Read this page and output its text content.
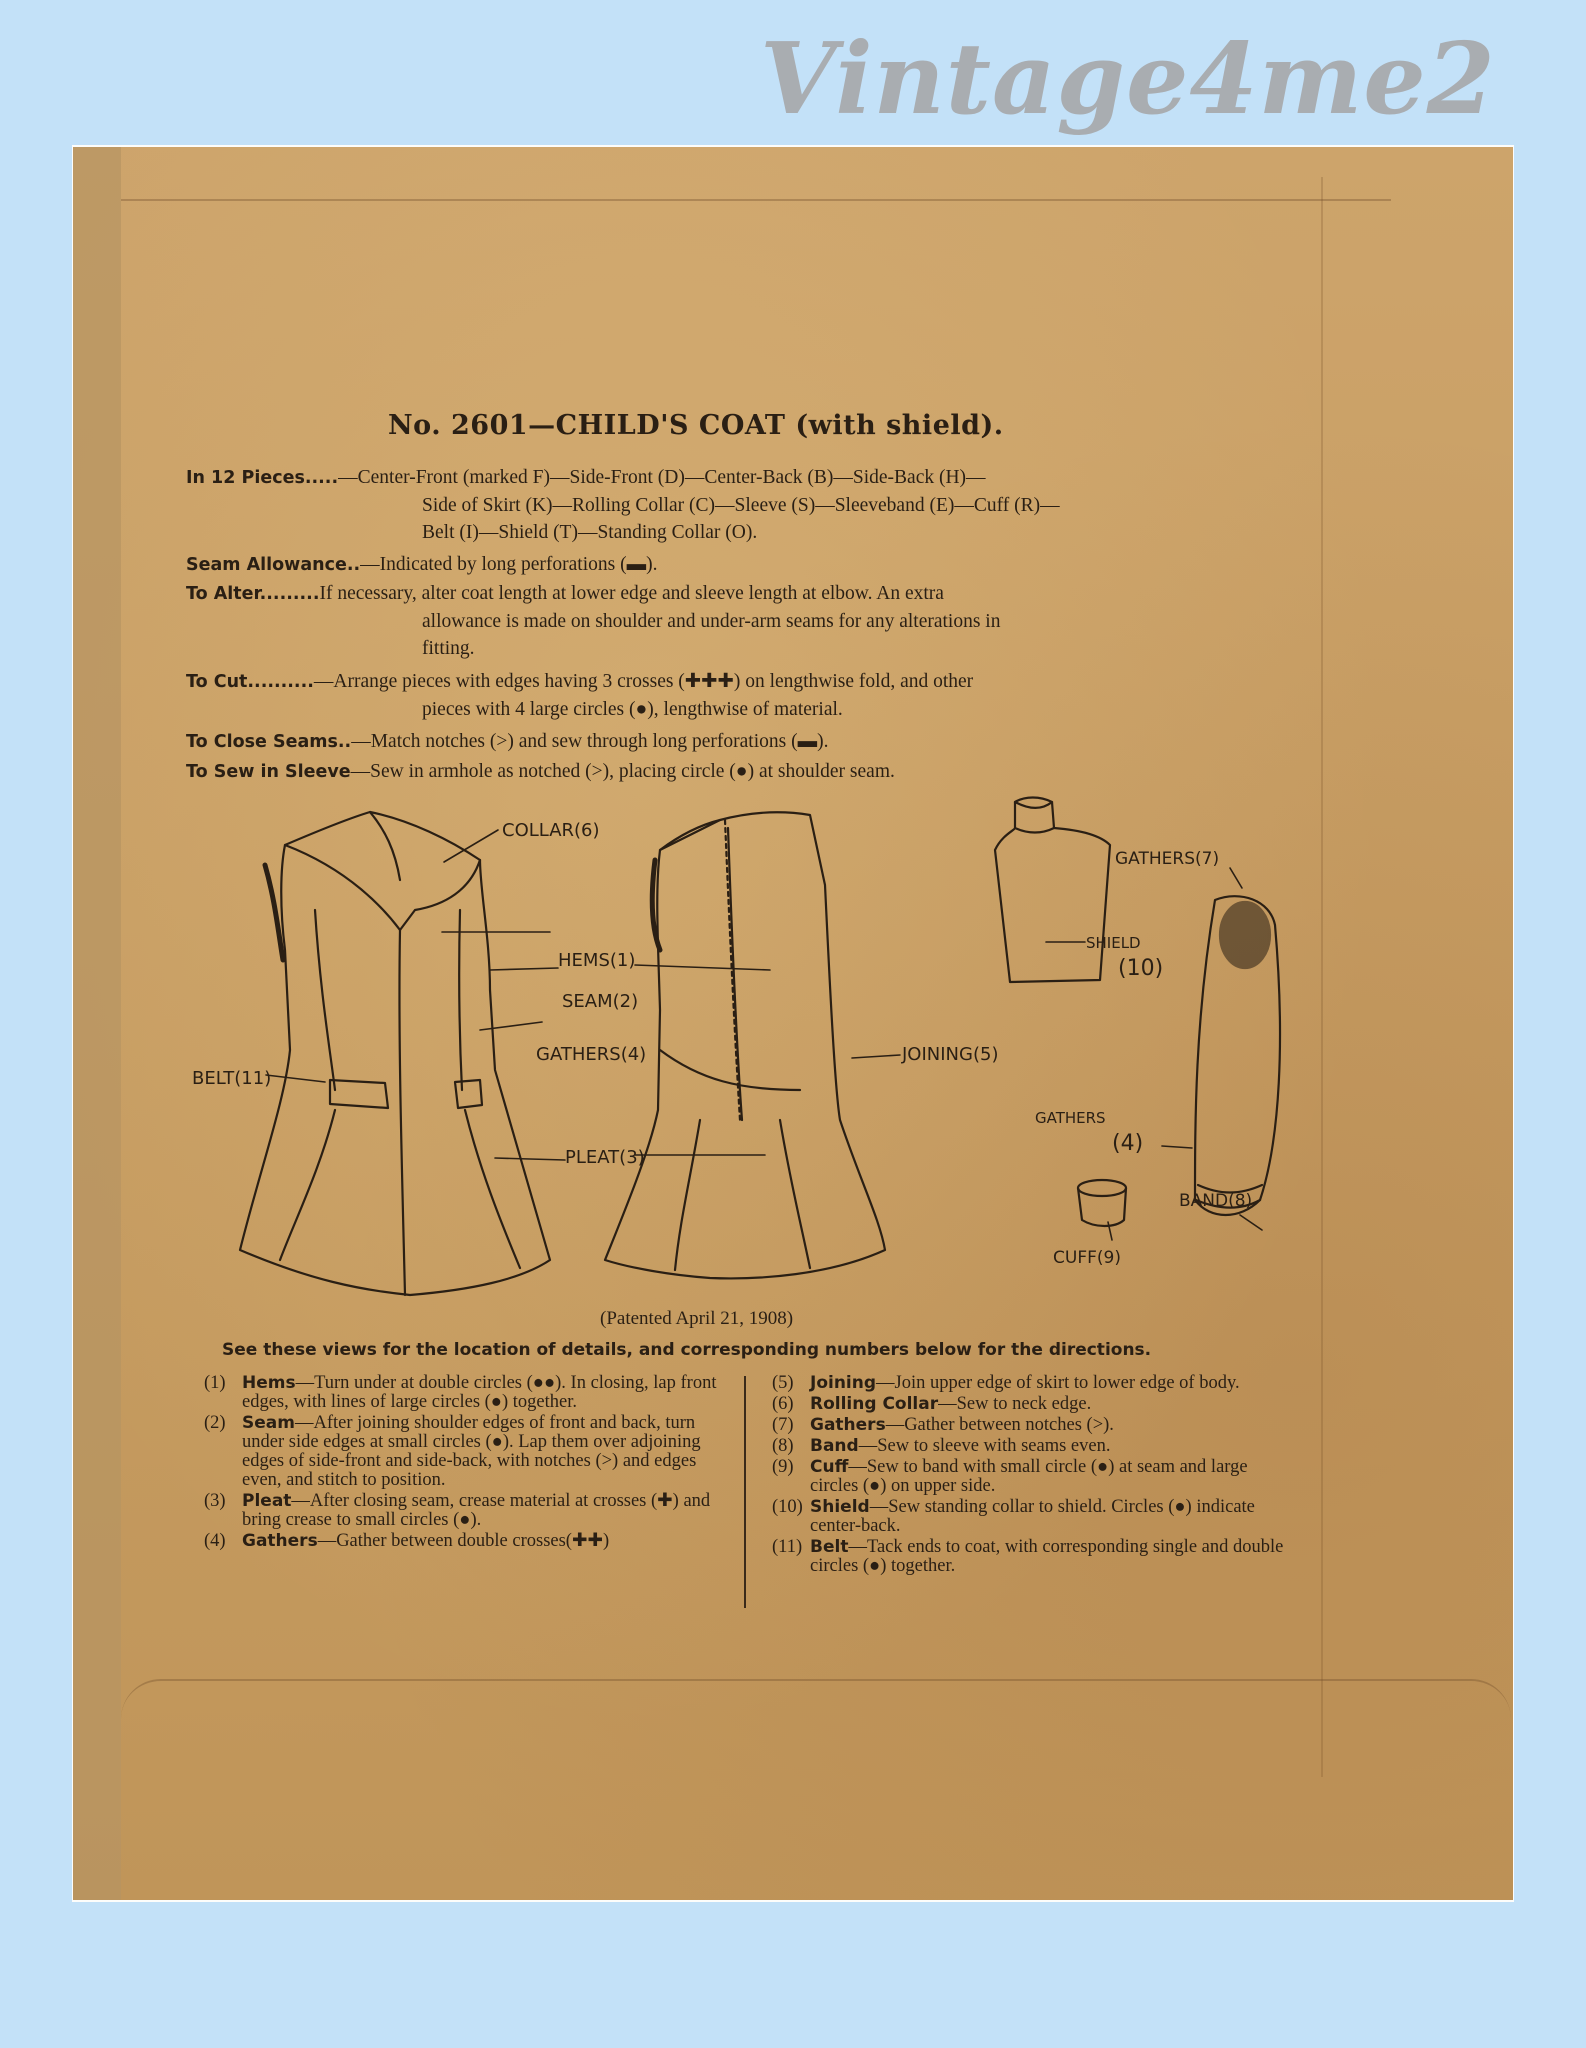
Vintage4me2
No. 2601—CHILD'S COAT (with shield).
In 12 Pieces.....—Center-Front (marked F)—Side-Front (D)—Center-Back (B)—Side-Back (H)—
Side of Skirt (K)—Rolling Collar (C)—Sleeve (S)—Sleeveband (E)—Cuff (R)—
Belt (I)—Shield (T)—Standing Collar (O).
Seam Allowance..—Indicated by long perforations (▬).
To Alter.........If necessary, alter coat length at lower edge and sleeve length at elbow. An extra
allowance is made on shoulder and under-arm seams for any alterations in
fitting.
To Cut..........—Arrange pieces with edges having 3 crosses (✚✚✚) on lengthwise fold, and other
pieces with 4 large circles (●), lengthwise of material.
To Close Seams..—Match notches (>) and sew through long perforations (▬).
To Sew in Sleeve—Sew in armhole as notched (>), placing circle (●) at shoulder seam.
COLLAR(6)
HEMS(1)
SEAM(2)
GATHERS(4)
BELT(11)
PLEAT(3)
JOINING(5)
GATHERS(7)
SHIELD
(10)
GATHERS
(4)
BAND(8)
CUFF(9)
(Patented April 21, 1908)
See these views for the location of details, and corresponding numbers below for the directions.

(1) Hems—Turn under at double circles (●●). In closing, lap front edges, with lines of large circles (●) together.

(2) Seam—After joining shoulder edges of front and back, turn under side edges at small circles (●). Lap them over adjoining edges of side-front and side-back, with notches (>) and edges even, and stitch to position.

(3) Pleat—After closing seam, crease material at crosses (✚) and bring crease to small circles (●).

(4) Gathers—Gather between double crosses(✚✚)

(5) Joining—Join upper edge of skirt to lower edge of body.

(6) Rolling Collar—Sew to neck edge.

(7) Gathers—Gather between notches (>).

(8) Band—Sew to sleeve with seams even.

(9) Cuff—Sew to band with small circle (●) at seam and large circles (●) on upper side.

(10) Shield—Sew standing collar to shield. Circles (●) indicate center-back.

(11) Belt—Tack ends to coat, with corresponding single and double circles (●) together.
